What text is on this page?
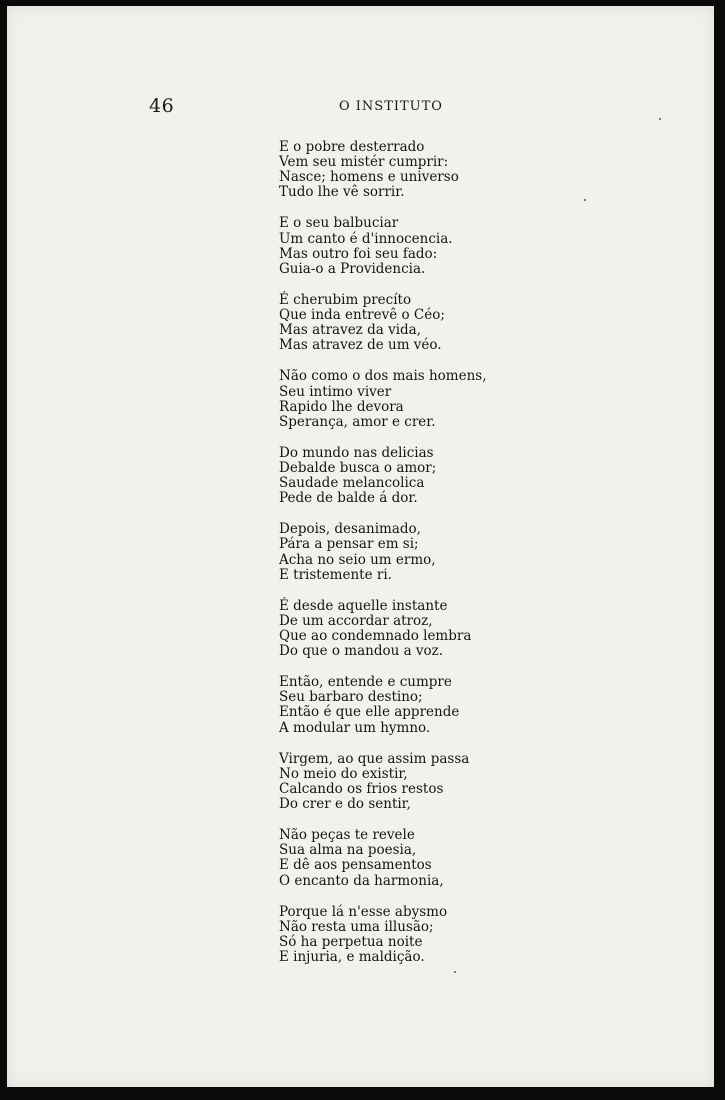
46	O INSTITUTO
E o pobre desterrado
Vem seu mistér cumprir:
Nasce; homens e universo
Tudo lhe vê sorrir.
E o seu balbuciar
Um canto é d'innocencia.
Mas outro foi seu fado:
Guia-o a Providencia.
É cherubim precíto
Que inda entrevê o Céo;
Mas atravez da vida,
Mas atravez de um véo.
Não como o dos mais homens,
Seu intimo viver
Rapido lhe devora
Sperança, amor e crer.
Do mundo nas delicias
Debalde busca o amor;
Saudade melancolica
Pede de balde á dor.
Depois, desanimado,
Pára a pensar em si;
Acha no seio um ermo,
E tristemente ri.
É desde aquelle instante
De um accordar atroz,
Que ao condemnado lembra
Do que o mandou a voz.
Então, entende e cumpre
Seu barbaro destino;
Então é que elle apprende
A modular um hymno.
Virgem, ao que assim passa
No meio do existir,
Calcando os frios restos
Do crer e do sentir,
Não peças te revele
Sua alma na poesia,
E dê aos pensamentos
O encanto da harmonia,
Porque lá n'esse abysmo
Não resta uma illusão;
Só ha perpetua noite
E injuria, e maldição.
